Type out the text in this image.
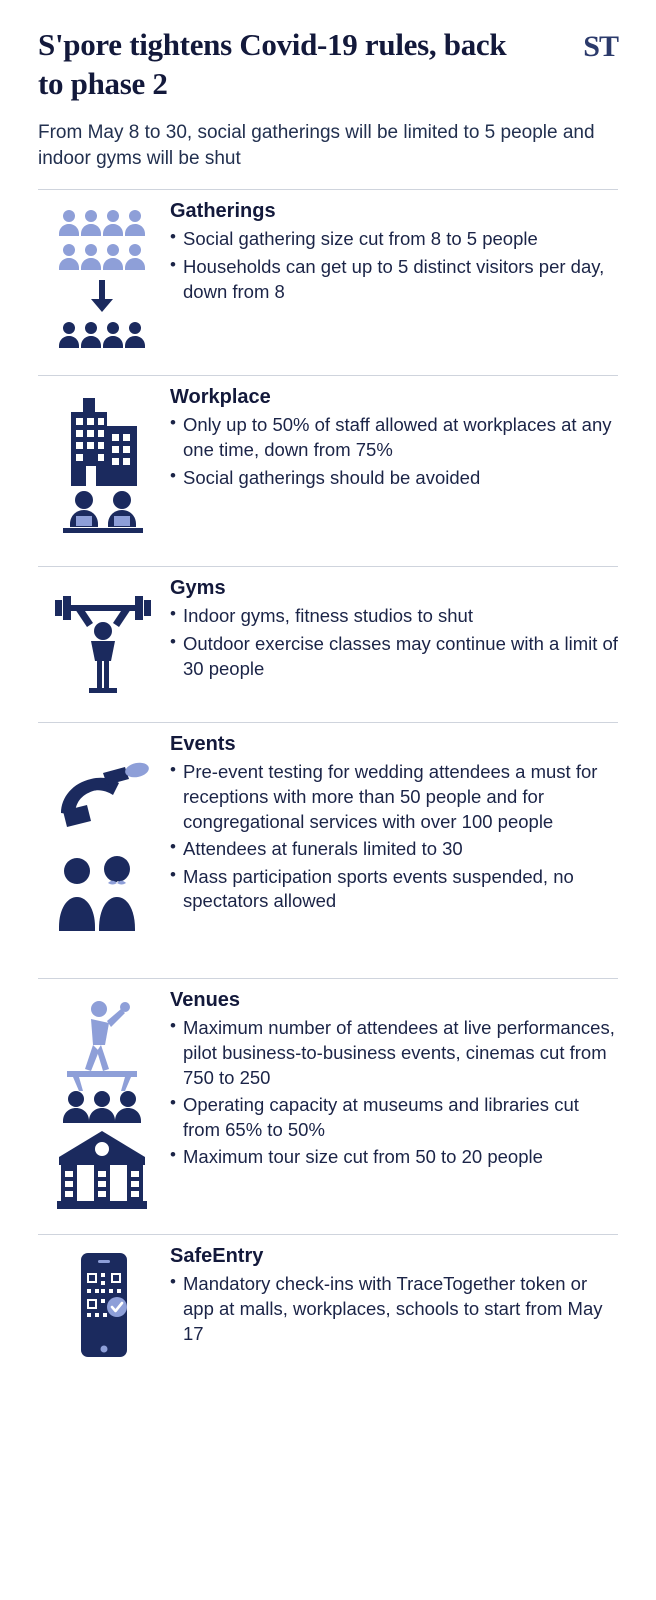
S'pore tightens Covid-19 rules, back to phase 2
ST

From May 8 to 30, social gatherings will be limited to 5 people and indoor gyms will be shut

Gatherings
• Social gathering size cut from 8 to 5 people
• Households can get up to 5 distinct visitors per day, down from 8
Workplace
• Only up to 50% of staff allowed at workplaces at any one time, down from 75%
• Social gatherings should be avoided
Gyms
• Indoor gyms, fitness studios to shut
• Outdoor exercise classes may continue with a limit of 30 people
Events
• Pre-event testing for wedding attendees a must for receptions with more than 50 people and for congregational services with over 100 people
• Attendees at funerals limited to 30
• Mass participation sports events suspended, no spectators allowed
Venues
• Maximum number of attendees at live performances, pilot business-to-business events, cinemas cut from 750 to 250
• Operating capacity at museums and libraries cut from 65% to 50%
• Maximum tour size cut from 50 to 20 people
SafeEntry
• Mandatory check-ins with TraceTogether token or app at malls, workplaces, schools to start from May 17
